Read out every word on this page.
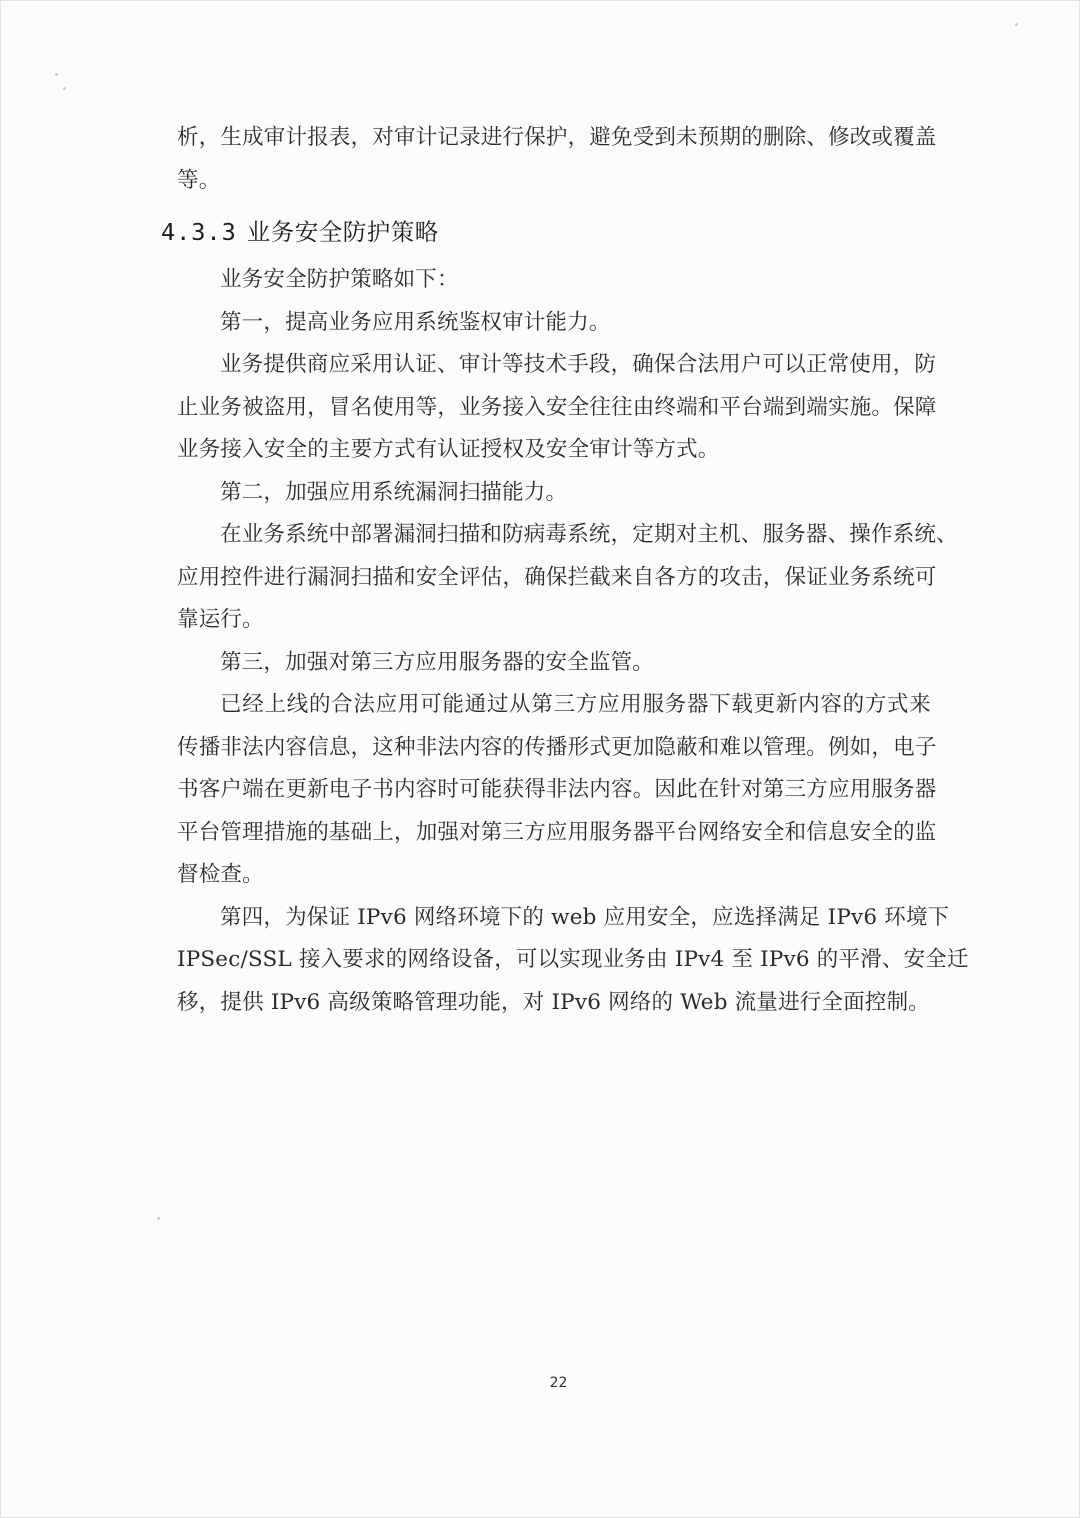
析，生成审计报表，对审计记录进行保护，避免受到未预期的删除、修改或覆盖
等。
4.3.3 业务安全防护策略
业务安全防护策略如下：
第一，提高业务应用系统鉴权审计能力。
业务提供商应采用认证、审计等技术手段，确保合法用户可以正常使用，防
止业务被盗用，冒名使用等，业务接入安全往往由终端和平台端到端实施。保障
业务接入安全的主要方式有认证授权及安全审计等方式。
第二，加强应用系统漏洞扫描能力。
在业务系统中部署漏洞扫描和防病毒系统，定期对主机、服务器、操作系统、
应用控件进行漏洞扫描和安全评估，确保拦截来自各方的攻击，保证业务系统可
靠运行。
第三，加强对第三方应用服务器的安全监管。
已经上线的合法应用可能通过从第三方应用服务器下载更新内容的方式来
传播非法内容信息，这种非法内容的传播形式更加隐蔽和难以管理。例如，电子
书客户端在更新电子书内容时可能获得非法内容。因此在针对第三方应用服务器
平台管理措施的基础上，加强对第三方应用服务器平台网络安全和信息安全的监
督检查。
第四，为保证 IPv6 网络环境下的 web 应用安全，应选择满足 IPv6 环境下
IPSec/SSL 接入要求的网络设备，可以实现业务由 IPv4 至 IPv6 的平滑、安全迁
移，提供 IPv6 高级策略管理功能，对 IPv6 网络的 Web 流量进行全面控制。
22
